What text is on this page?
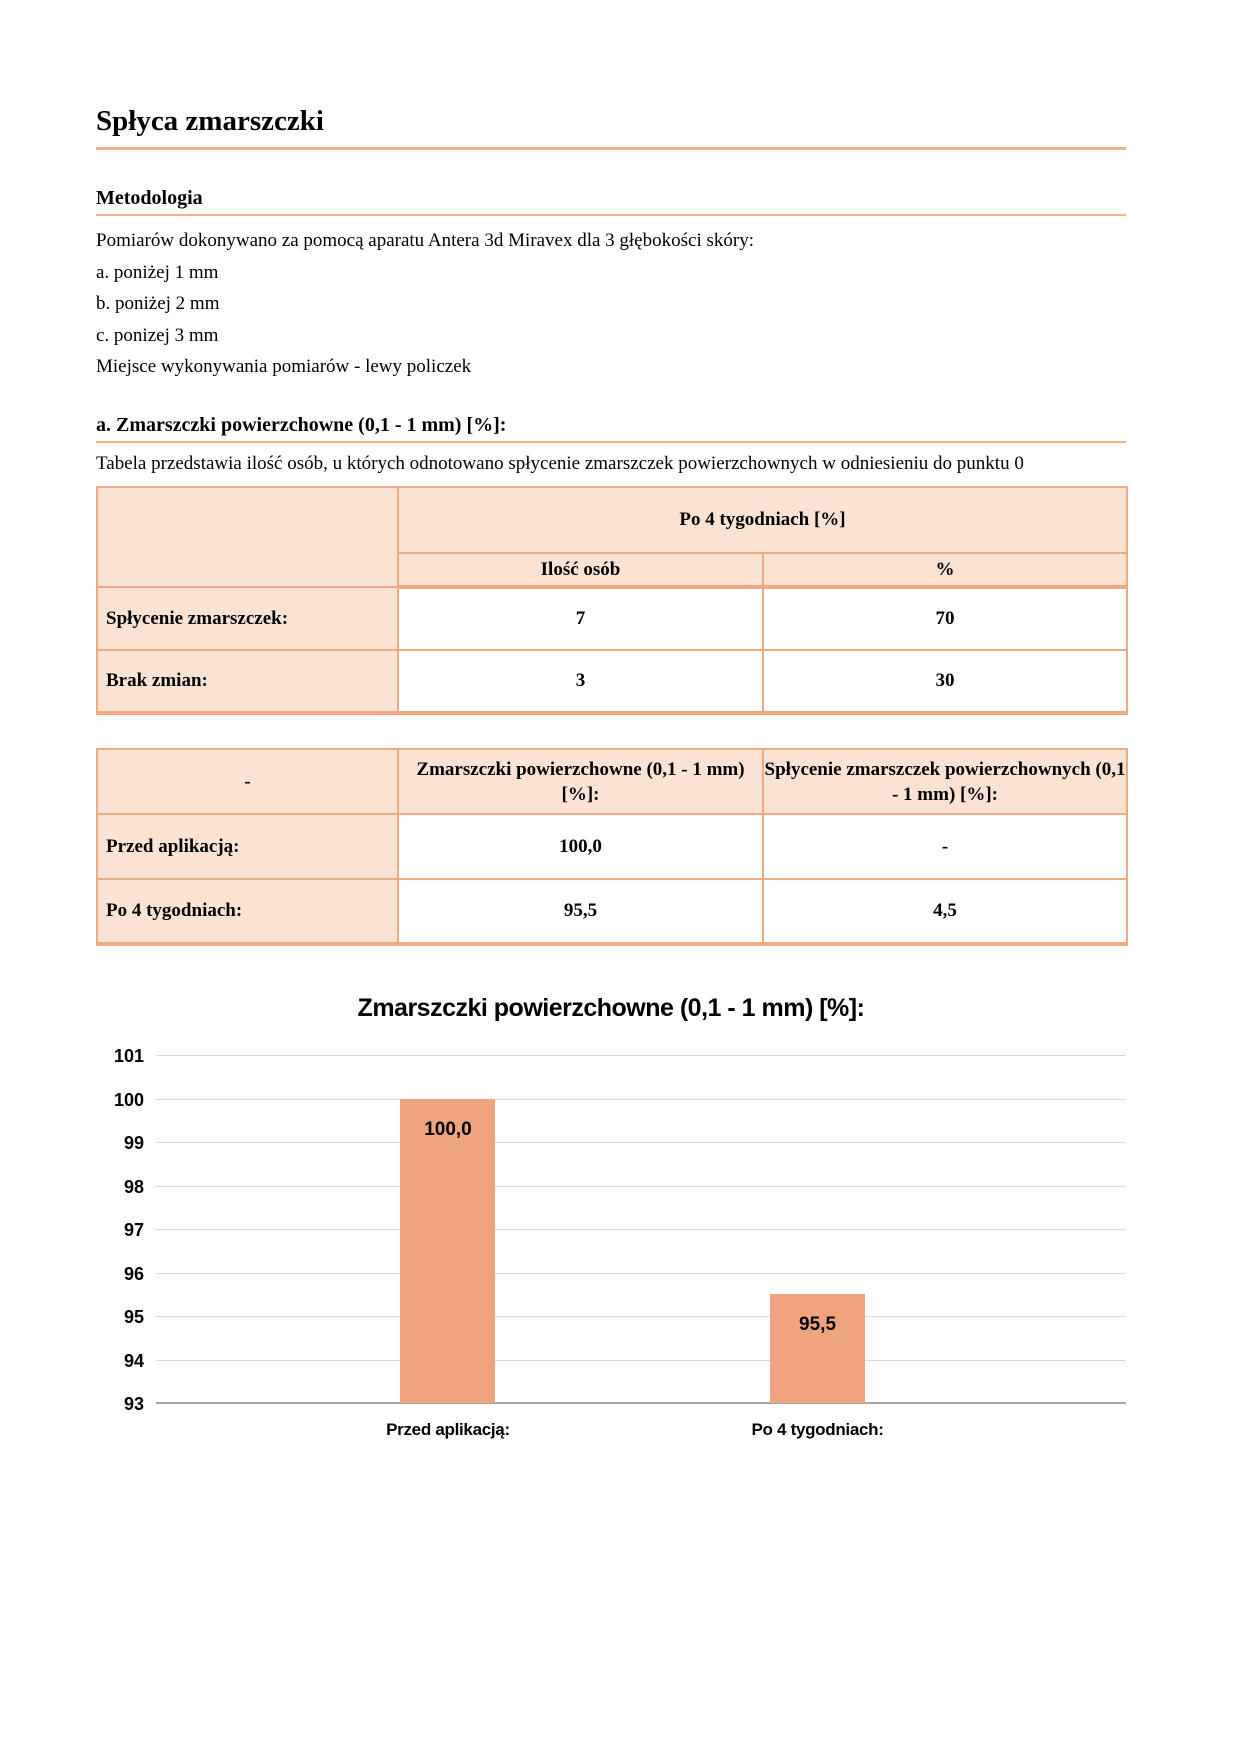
Spłyca zmarszczki
Metodologia

Pomiarów dokonywano za pomocą aparatu Antera 3d Miravex dla 3 głębokości skóry:

a. poniżej 1 mm

b. poniżej 2 mm

c. ponizej 3 mm

Miejsce wykonywania pomiarów - lewy policzek

a. Zmarszczki powierzchowne (0,1 - 1 mm) [%]:

Tabela przedstawia ilość osób, u których odnotowano spłycenie zmarszczek powierzchownych w odniesieniu do punktu 0

	Po 4 tygodniach [%]	
	Ilość osób	%
Spłycenie zmarszczek:	7	70
Brak zmian:	3	30
-	Zmarszczki powierzchowne (0,1 - 1 mm) [%]:	Spłycenie zmarszczek powierzchownych (0,1 - 1 mm) [%]:
Przed aplikacją:	100,0	-
Po 4 tygodniach:	95,5	4,5
Zmarszczki powierzchowne (0,1 - 1 mm) [%]:
93
94
95
96
97
98
99
100
101
100,0
Przed aplikacją:
95,5
Po 4 tygodniach:
